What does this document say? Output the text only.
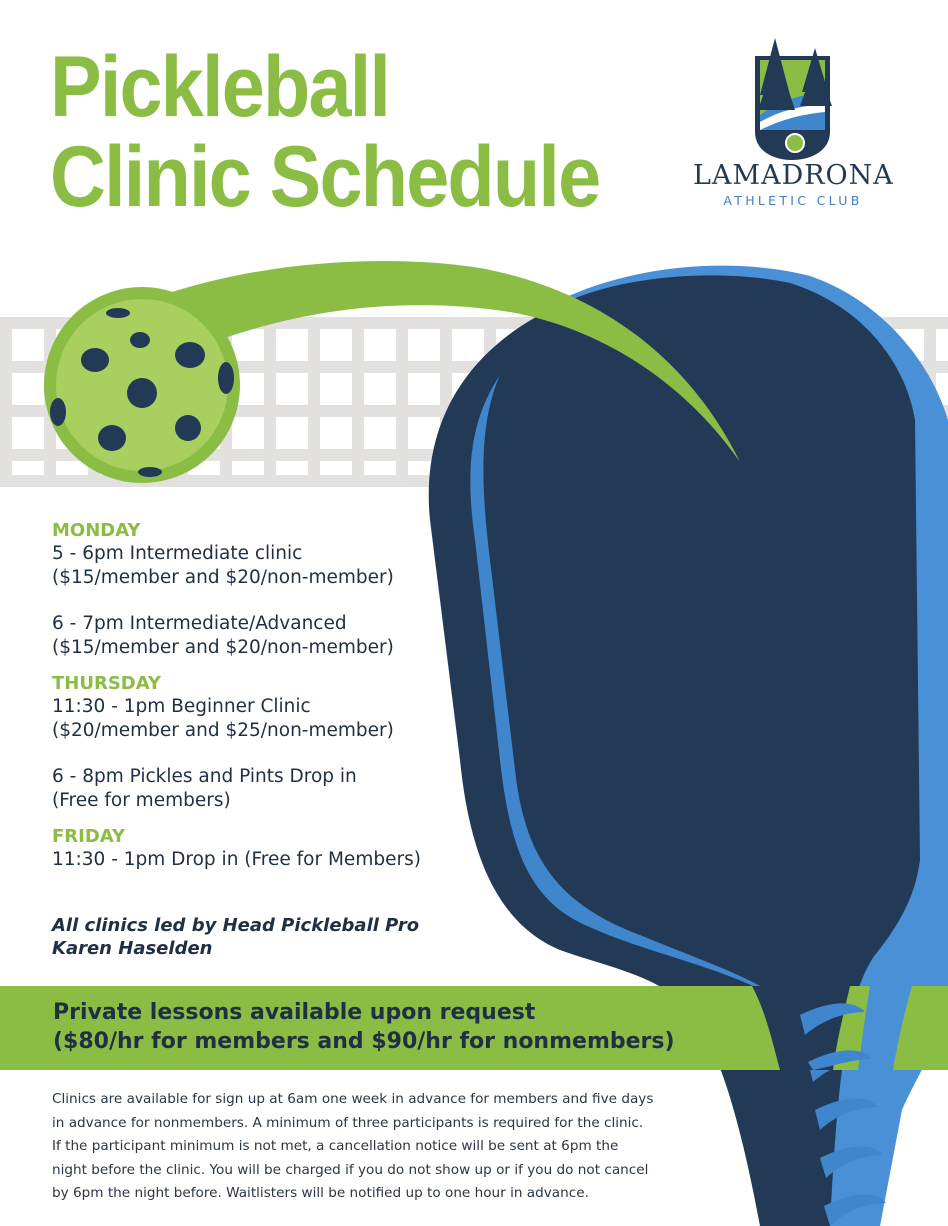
Pickleball
Clinic Schedule	LAMADRONA
ATHLETIC CLUB
MONDAY
5 - 6pm Intermediate clinic
($15/member and $20/non-member)
6 - 7pm Intermediate/Advanced
($15/member and $20/non-member)
THURSDAY
11:30 - 1pm Beginner Clinic
($20/member and $25/non-member)
6 - 8pm Pickles and Pints Drop in
(Free for members)
FRIDAY
11:30 - 1pm Drop in (Free for Members)
All clinics led by Head Pickleball Pro
Karen Haselden
Private lessons available upon request
($80/hr for members and $90/hr for nonmembers)
Clinics are available for sign up at 6am one week in advance for members and five days
in advance for nonmembers. A minimum of three participants is required for the clinic.
If the participant minimum is not met, a cancellation notice will be sent at 6pm the
night before the clinic. You will be charged if you do not show up or if you do not cancel
by 6pm the night before. Waitlisters will be notified up to one hour in advance.
